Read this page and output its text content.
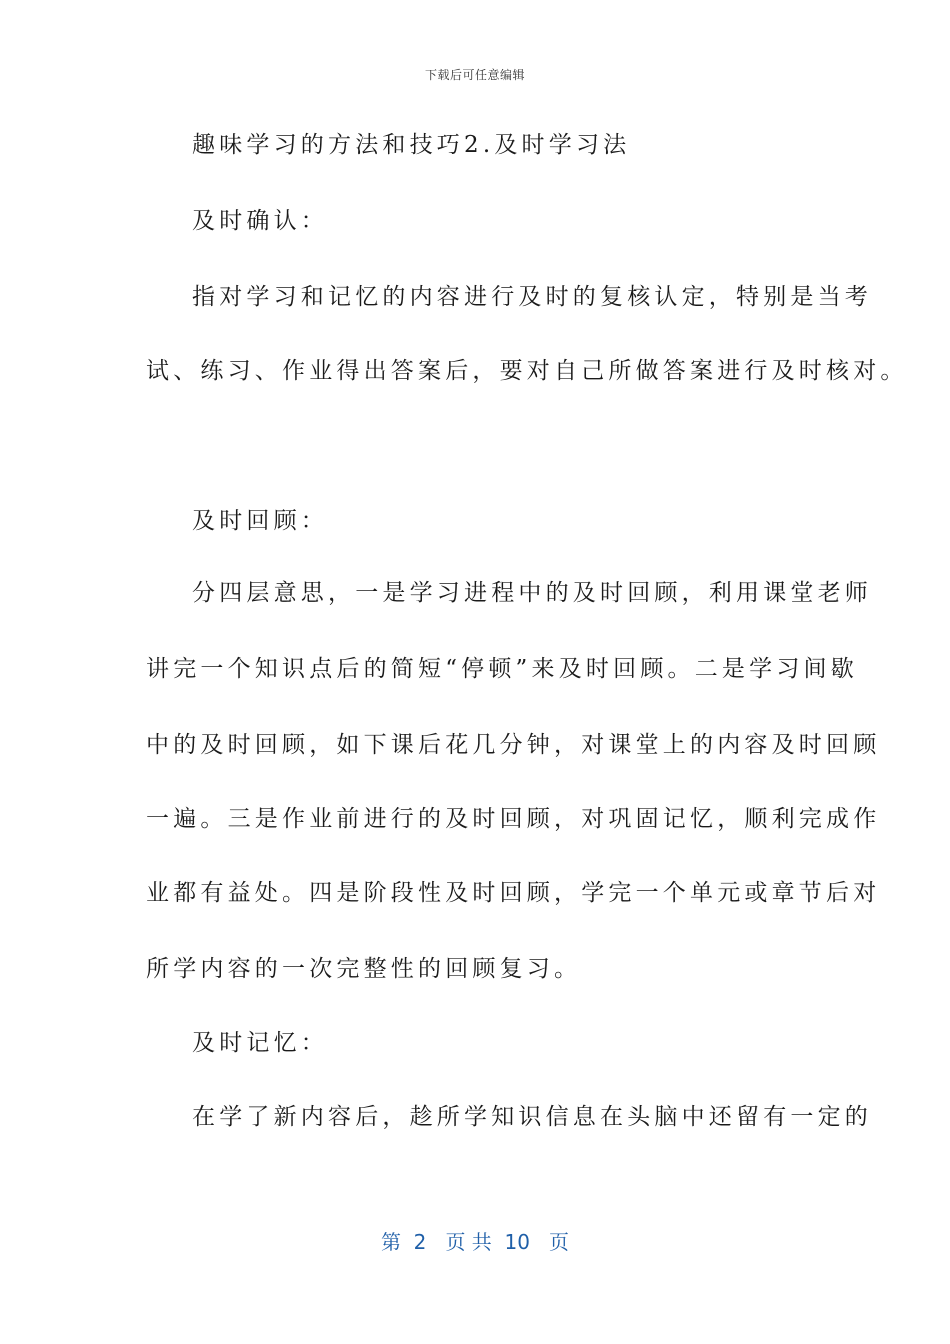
下载后可任意编辑
趣味学习的方法和技巧2.及时学习法
及时确认：
指对学习和记忆的内容进行及时的复核认定，特别是当考
试、练习、作业得出答案后，要对自己所做答案进行及时核对。
及时回顾：
分四层意思，一是学习进程中的及时回顾，利用课堂老师
讲完一个知识点后的简短“停顿”来及时回顾。二是学习间歇
中的及时回顾，如下课后花几分钟，对课堂上的内容及时回顾
一遍。三是作业前进行的及时回顾，对巩固记忆，顺利完成作
业都有益处。四是阶段性及时回顾，学完一个单元或章节后对
所学内容的一次完整性的回顾复习。
及时记忆：
在学了新内容后，趁所学知识信息在头脑中还留有一定的
第  2   页 共  10   页
